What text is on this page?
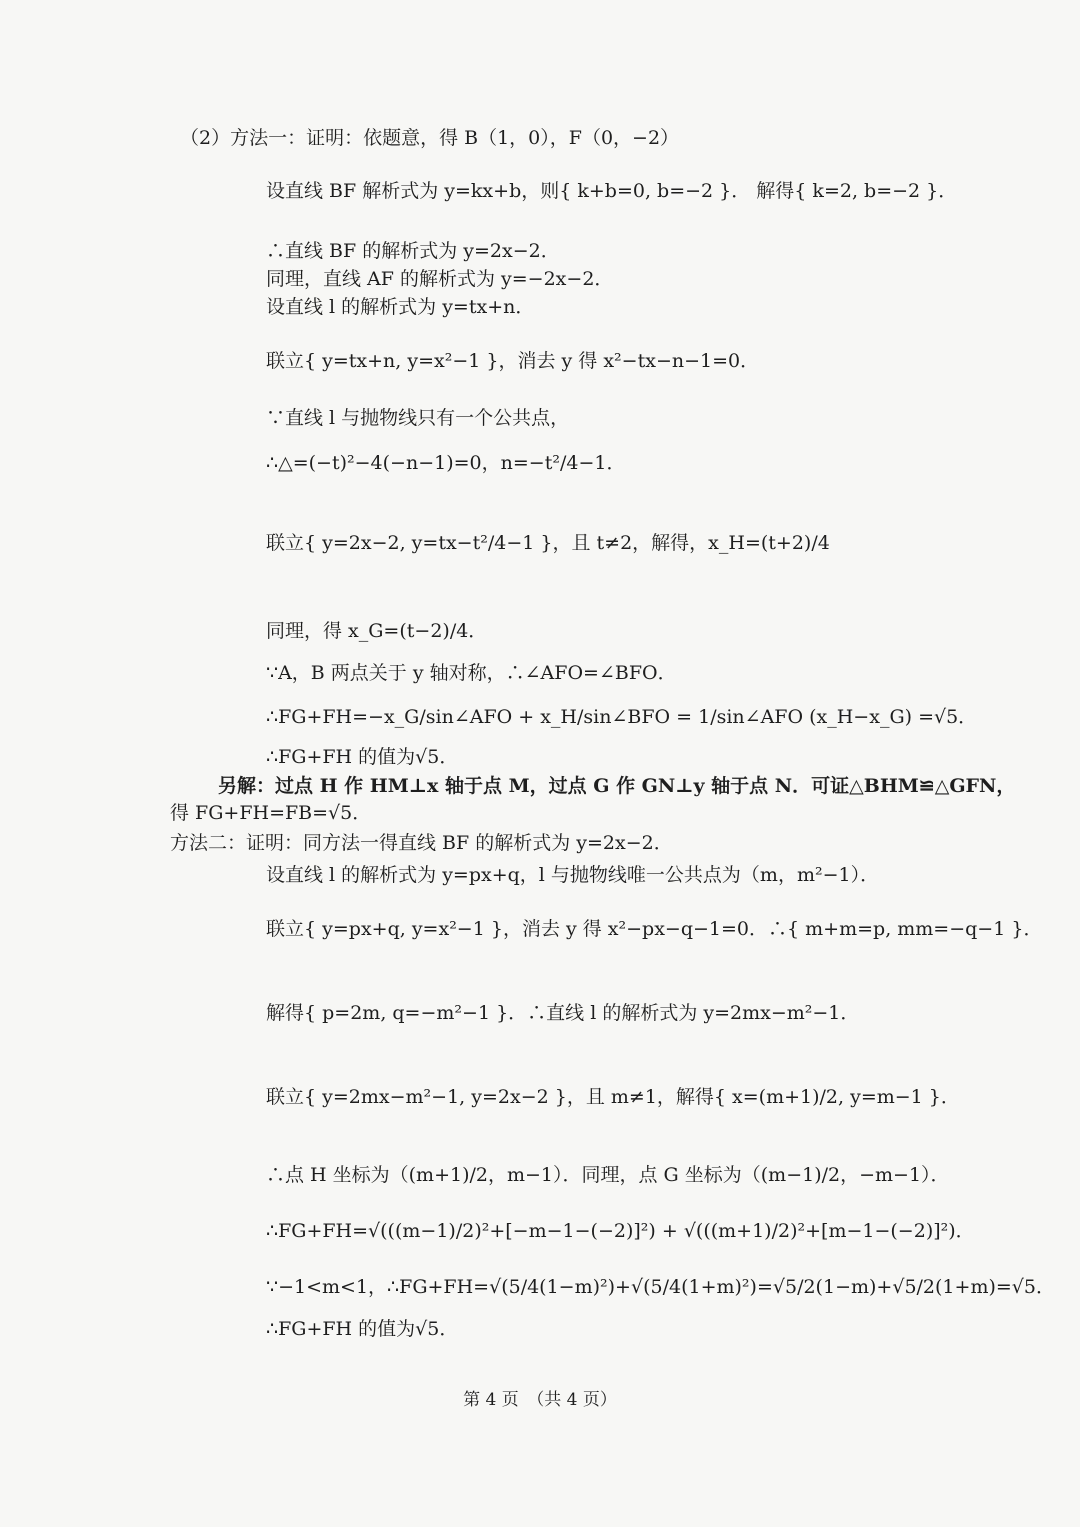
（2）方法一：证明：依题意，得 B（1，0），F（0，−2）
设直线 BF 解析式为 y=kx+b，则{ k+b=0, b=−2 }． 解得{ k=2, b=−2 }．
∴直线 BF 的解析式为 y=2x−2．
同理，直线 AF 的解析式为 y=−2x−2．
设直线 l 的解析式为 y=tx+n．
联立{ y=tx+n, y=x²−1 }，消去 y 得 x²−tx−n−1=0．
∵直线 l 与抛物线只有一个公共点，
∴△=(−t)²−4(−n−1)=0，n=−t²/4−1．
联立{ y=2x−2, y=tx−t²/4−1 }，且 t≠2，解得，x_H=(t+2)/4
同理，得 x_G=(t−2)/4．
∵A，B 两点关于 y 轴对称，∴∠AFO=∠BFO．
∴FG+FH=−x_G/sin∠AFO + x_H/sin∠BFO = 1/sin∠AFO (x_H−x_G) =√5．
∴FG+FH 的值为√5．
另解：过点 H 作 HM⊥x 轴于点 M，过点 G 作 GN⊥y 轴于点 N．可证△BHM≌△GFN，
得 FG+FH=FB=√5．
方法二：证明：同方法一得直线 BF 的解析式为 y=2x−2．
设直线 l 的解析式为 y=px+q，l 与抛物线唯一公共点为（m，m²−1）．
联立{ y=px+q, y=x²−1 }，消去 y 得 x²−px−q−1=0．∴{ m+m=p, mm=−q−1 }．
解得{ p=2m, q=−m²−1 }．∴直线 l 的解析式为 y=2mx−m²−1．
联立{ y=2mx−m²−1, y=2x−2 }，且 m≠1，解得{ x=(m+1)/2, y=m−1 }．
∴点 H 坐标为（(m+1)/2，m−1）．同理，点 G 坐标为（(m−1)/2，−m−1）．
∴FG+FH=√(((m−1)/2)²+[−m−1−(−2)]²) + √(((m+1)/2)²+[m−1−(−2)]²)．
∵−1<m<1，∴FG+FH=√(5/4(1−m)²)+√(5/4(1+m)²)=√5/2(1−m)+√5/2(1+m)=√5．
∴FG+FH 的值为√5．
第 4 页　（共 4 页）
